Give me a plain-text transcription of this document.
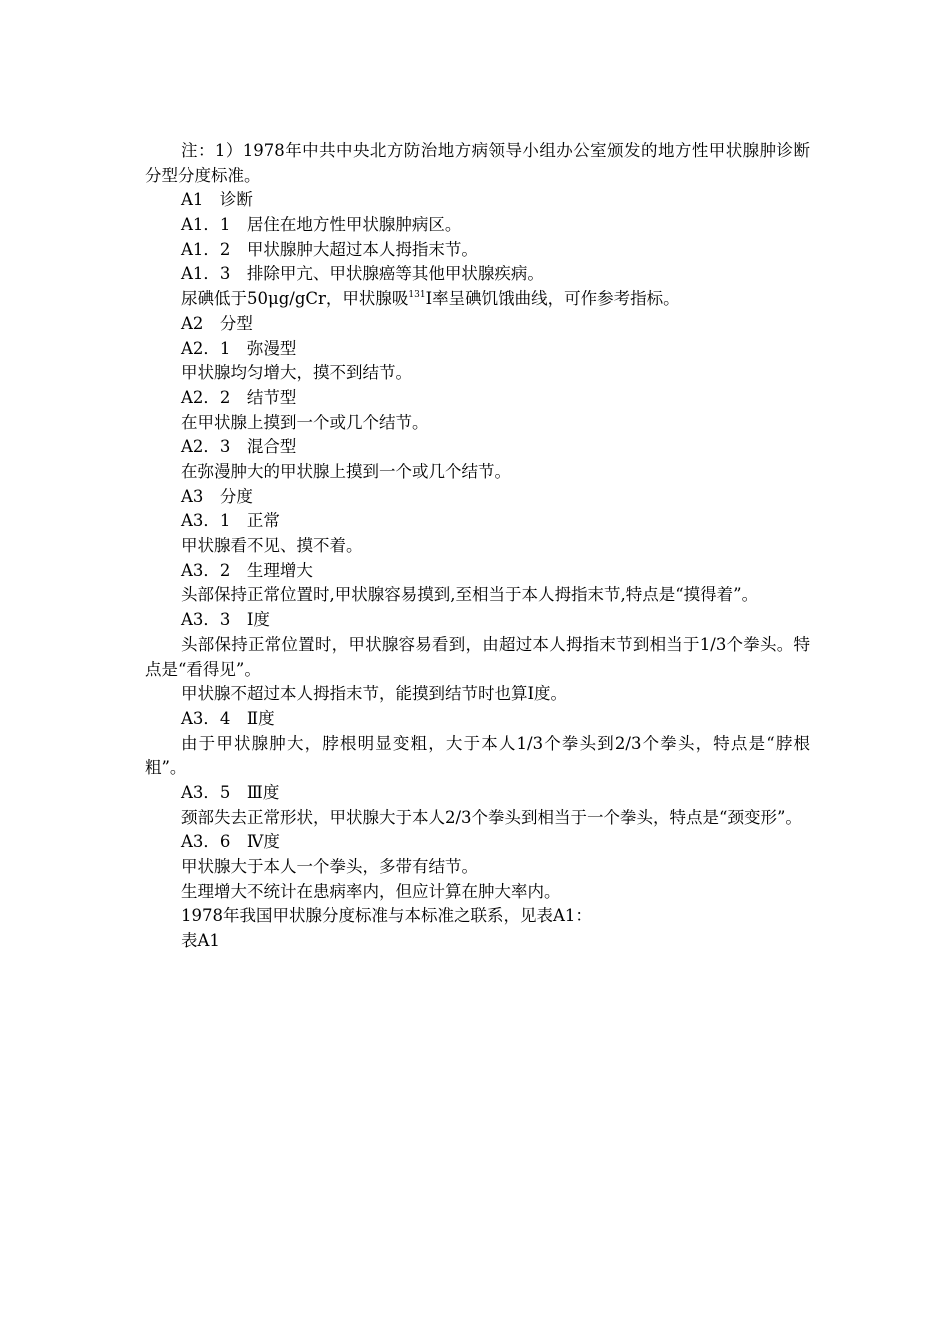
注：1）1978年中共中央北方防治地方病领导小组办公室颁发的地方性甲状腺肿诊断分型分度标准。
A1　诊断
A1．1　居住在地方性甲状腺肿病区。
A1．2　甲状腺肿大超过本人拇指末节。
A1．3　排除甲亢、甲状腺癌等其他甲状腺疾病。
尿碘低于50μg/gCr，甲状腺吸$^{131}$I率呈碘饥饿曲线，可作参考指标。
A2　分型
A2．1　弥漫型
甲状腺均匀增大，摸不到结节。
A2．2　结节型
在甲状腺上摸到一个或几个结节。
A2．3　混合型
在弥漫肿大的甲状腺上摸到一个或几个结节。
A3　分度
A3．1　正常
甲状腺看不见、摸不着。
A3．2　生理增大
头部保持正常位置时,甲状腺容易摸到,至相当于本人拇指末节,特点是“摸得着”。
A3．3　Ⅰ度
头部保持正常位置时，甲状腺容易看到，由超过本人拇指末节到相当于1/3个拳头。特点是“看得见”。
甲状腺不超过本人拇指末节，能摸到结节时也算Ⅰ度。
A3．4　Ⅱ度
由于甲状腺肿大，脖根明显变粗，大于本人1/3个拳头到2/3个拳头，特点是“脖根粗”。
A3．5　Ⅲ度
颈部失去正常形状，甲状腺大于本人2/3个拳头到相当于一个拳头，特点是“颈变形”。
A3．6　Ⅳ度
甲状腺大于本人一个拳头，多带有结节。
生理增大不统计在患病率内，但应计算在肿大率内。
1978年我国甲状腺分度标准与本标准之联系，见表A1：
表A1
